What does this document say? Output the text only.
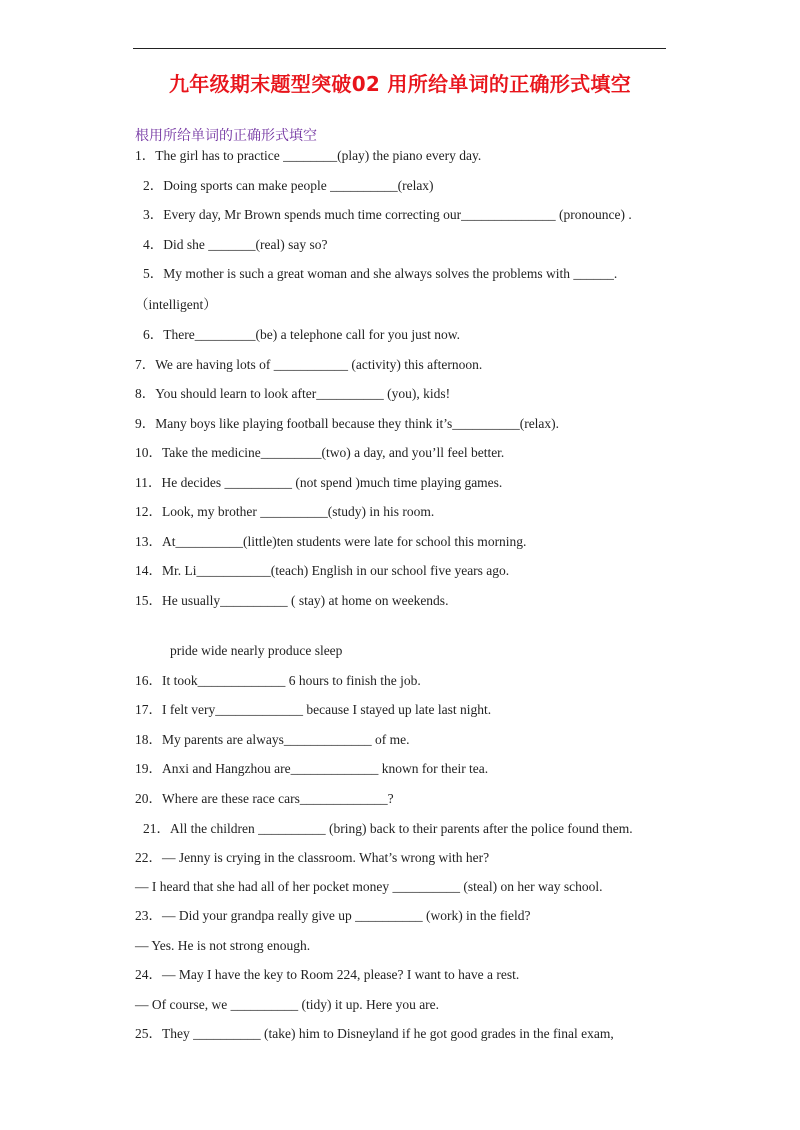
九年级期末题型突破02 用所给单词的正确形式填空
根用所给单词的正确形式填空
1．The girl has to practice ________(play) the piano every day.
2．Doing sports can make people __________(relax)
3．Every day, Mr Brown spends much time correcting our______________ (pronounce) .
4．Did she _______(real) say so?
5．My mother is such a great woman and she always solves the problems with ______.
（intelligent）
6．There_________(be) a telephone call for you just now.
7．We are having lots of ___________ (activity) this afternoon.
8．You should learn to look after__________ (you), kids!
9．Many boys like playing football because they think it’s__________(relax).
10．Take the medicine_________(two) a day, and you’ll feel better.
11．He decides __________ (not spend )much time playing games.
12．Look, my brother __________(study) in his room.
13．At__________(little)ten students were late for school this morning.
14．Mr. Li___________(teach) English in our school five years ago.
15．He usually__________ ( stay) at home on weekends.
pride wide nearly produce sleep
16．It took_____________ 6 hours to finish the job.
17．I felt very_____________ because I stayed up late last night.
18．My parents are always_____________ of me.
19．Anxi and Hangzhou are_____________ known for their tea.
20．Where are these race cars_____________?
21．All the children __________ (bring) back to their parents after the police found them.
22．— Jenny is crying in the classroom. What’s wrong with her?
— I heard that she had all of her pocket money __________ (steal) on her way school.
23．— Did your grandpa really give up __________ (work) in the field?
— Yes. He is not strong enough.
24．— May I have the key to Room 224, please? I want to have a rest.
— Of course, we __________ (tidy) it up. Here you are.
25．They __________ (take) him to Disneyland if he got good grades in the final exam,
